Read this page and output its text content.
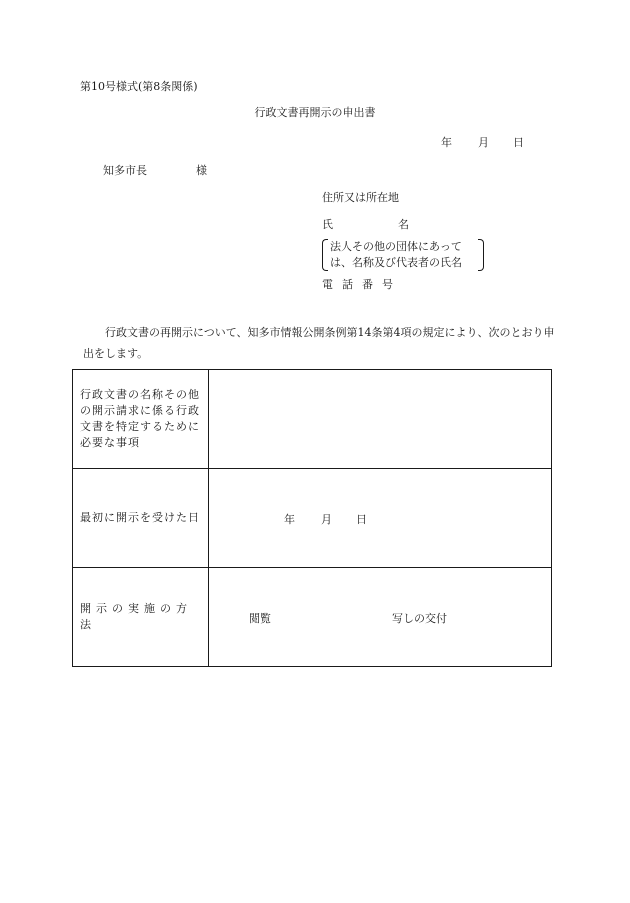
第10号様式(第8条関係)
行政文書再開示の申出書
年 月 日
知多市長	様
住所又は所在地
氏	名
法人その他の団体にあって
は、名称及び代表者の氏名
電話番号
行政文書の再開示について、知多市情報公開条例第14条第4項の規定により、次のとおり申出をします。
行政文書の名称その他の開示請求に係る行政文書を特定するために必要な事項	
最初に開示を受けた日	年 月 日

開示の実施の方法	閲覧 写しの交付
